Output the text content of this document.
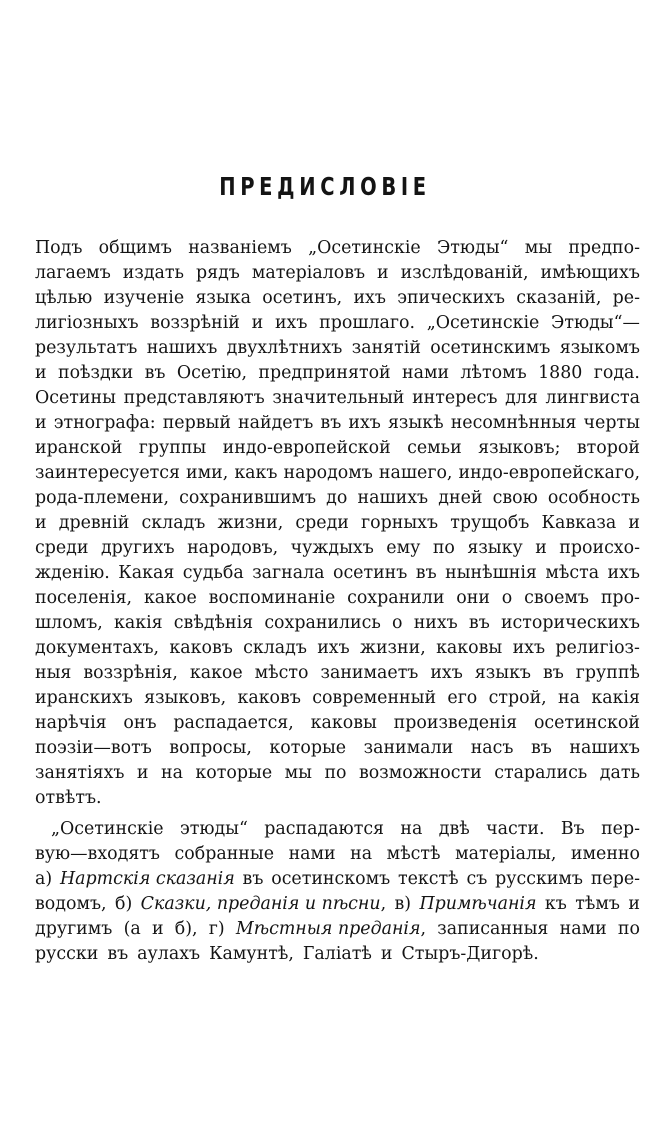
ПРЕДИСЛОВІЕ
Подъ общимъ названіемъ „Осетинскіе Этюды“ мы предпо-
лагаемъ издать рядъ матеріаловъ и изслѣдованій, имѣющихъ
цѣлью изученіе языка осетинъ, ихъ эпическихъ сказаній, ре-
лигіозныхъ воззрѣній и ихъ прошлаго. „Осетинскіе Этюды“—
результатъ нашихъ двухлѣтнихъ занятій осетинскимъ языкомъ
и поѣздки въ Осетію, предпринятой нами лѣтомъ 1880 года.
Осетины представляютъ значительный интересъ для лингвиста
и этнографа: первый найдетъ въ ихъ языкѣ несомнѣнныя черты
иранской группы индо-европейской семьи языковъ; второй
заинтересуется ими, какъ народомъ нашего, индо-европейскаго,
рода-племени, сохранившимъ до нашихъ дней свою особность
и древній складъ жизни, среди горныхъ трущобъ Кавказа и
среди другихъ народовъ, чуждыхъ ему по языку и происхо-
жденію. Какая судьба загнала осетинъ въ нынѣшнія мѣста ихъ
поселенія, какое воспоминаніе сохранили они о своемъ про-
шломъ, какія свѣдѣнія сохранились о нихъ въ историческихъ
документахъ, каковъ складъ ихъ жизни, каковы ихъ религіоз-
ныя воззрѣнія, какое мѣсто занимаетъ ихъ языкъ въ группѣ
иранскихъ языковъ, каковъ современный его строй, на какія
нарѣчія онъ распадается, каковы произведенія осетинской
поэзіи—вотъ вопросы, которые занимали насъ въ нашихъ
занятіяхъ и на которые мы по возможности старались дать
отвѣтъ.
„Осетинскіе этюды“ распадаются на двѣ части. Въ пер-
вую—входятъ собранные нами на мѣстѣ матеріалы, именно
а) Нартскія сказанія въ осетинскомъ текстѣ съ русскимъ пере-
водомъ, б) Сказки, преданія и пѣсни, в) Примѣчанія къ тѣмъ и
другимъ (а и б), г) Мѣстныя преданія, записанныя нами по
русски въ аулахъ Камунтѣ, Галіатѣ и Стыръ-Дигорѣ.
